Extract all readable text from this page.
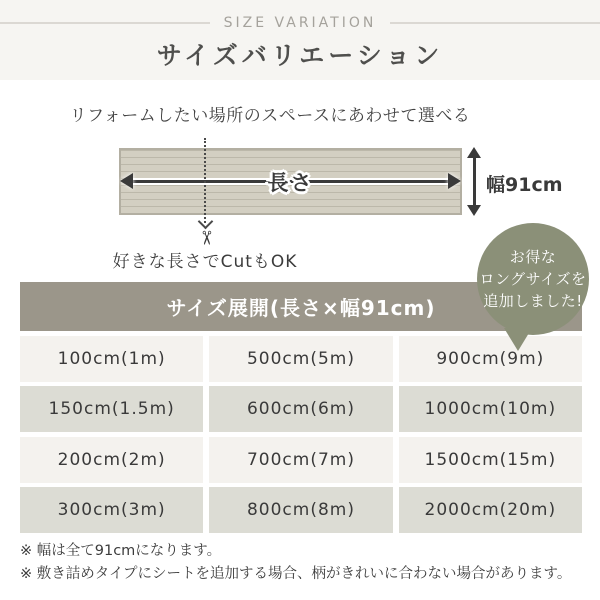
SIZE VARIATION
サイズバリエーション
リフォームしたい場所のスペースにあわせて選べる
長さ	幅91cm
✂
好きな長さでCutもOK	お得な
ロングサイズを
追加しました!
サイズ展開(長さ×幅91cm)
100cm(1m)	500cm(5m)	900cm(9m)
150cm(1.5m)	600cm(6m)	1000cm(10m)
200cm(2m)	700cm(7m)	1500cm(15m)
300cm(3m)	800cm(8m)	2000cm(20m)
※ 幅は全て91cmになります。
※ 敷き詰めタイプにシートを追加する場合、柄がきれいに合わない場合があります。
